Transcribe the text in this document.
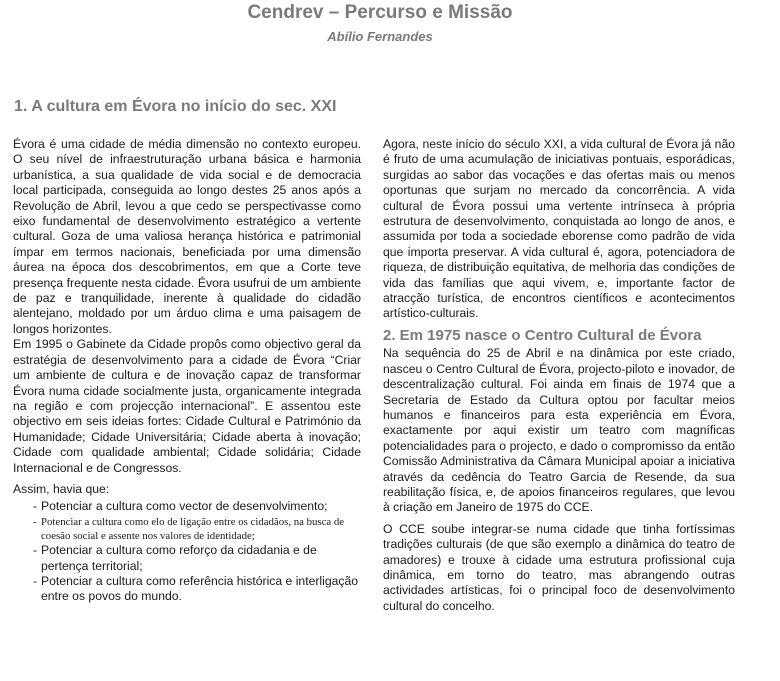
Cendrev – Percurso e Missão
Abílio Fernandes
1. A cultura em Évora no início do sec. XXI

Évora é uma cidade de média dimensão no contexto europeu. O seu nível de infraestruturação urbana básica e harmonia urbanística, a sua qualidade de vida social e de democracia local participada, conseguida ao longo destes 25 anos após a Revolução de Abril, levou a que cedo se perspectivasse como eixo fundamental de desenvolvimento estratégico a vertente cultural. Goza de uma valiosa herança histórica e patrimonial ímpar em termos nacionais, beneficiada por uma dimensão áurea na época dos descobrimentos, em que a Corte teve presença frequente nesta cidade. Évora usufrui de um ambiente de paz e tranquilidade, inerente à qualidade do cidadão alentejano, moldado por um árduo clima e uma paisagem de longos horizontes.

Em 1995 o Gabinete da Cidade propôs como objectivo geral da estratégia de desenvolvimento para a cidade de Évora “Criar um ambiente de cultura e de inovação capaz de transformar Évora numa cidade socialmente justa, organicamente integrada na região e com projecção internacional”. E assentou este objectivo em seis ideias fortes: Cidade Cultural e Património da Humanidade; Cidade Universitária; Cidade aberta à inovação; Cidade com qualidade ambiental; Cidade solidária; Cidade Internacional e de Congressos.

Assim, havia que:

- Potenciar a cultura como vector de desenvolvimento;
- Potenciar a cultura como elo de ligação entre os cidadãos, na busca de coesão social e assente nos valores de identidade;
- Potenciar a cultura como reforço da cidadania e de pertença territorial;
- Potenciar a cultura como referência histórica e interligação entre os povos do mundo.

Agora, neste início do século XXI, a vida cultural de Évora já não é fruto de uma acumulação de iniciativas pontuais, esporádicas, surgidas ao sabor das vocações e das ofertas mais ou menos oportunas que surjam no mercado da concorrência. A vida cultural de Évora possui uma vertente intrínseca à própria estrutura de desenvolvimento, conquistada ao longo de anos, e assumida por toda a sociedade eborense como padrão de vida que importa preservar. A vida cultural é, agora, potenciadora de riqueza, de distribuição equitativa, de melhoria das condições de vida das famílias que aqui vivem, e, importante factor de atracção turística, de encontros científicos e acontecimentos artístico-culturais.

2. Em 1975 nasce o Centro Cultural de Évora

Na sequência do 25 de Abril e na dinâmica por este criado, nasceu o Centro Cultural de Évora, projecto-piloto e inovador, de descentralização cultural. Foi ainda em finais de 1974 que a Secretaria de Estado da Cultura optou por facultar meios humanos e financeiros para esta experiência em Évora, exactamente por aqui existir um teatro com magníficas potencialidades para o projecto, e dado o compromisso da então Comissão Administrativa da Câmara Municipal apoiar a iniciativa através da cedência do Teatro Garcia de Resende, da sua reabilitação física, e, de apoios financeiros regulares, que levou à criação em Janeiro de 1975 do CCE.

O CCE soube integrar-se numa cidade que tinha fortíssimas tradições culturais (de que são exemplo a dinâmica do teatro de amadores) e trouxe à cidade uma estrutura profissional cuja dinâmica, em torno do teatro, mas abrangendo outras actividades artísticas, foi o principal foco de desenvolvimento cultural do concelho.
